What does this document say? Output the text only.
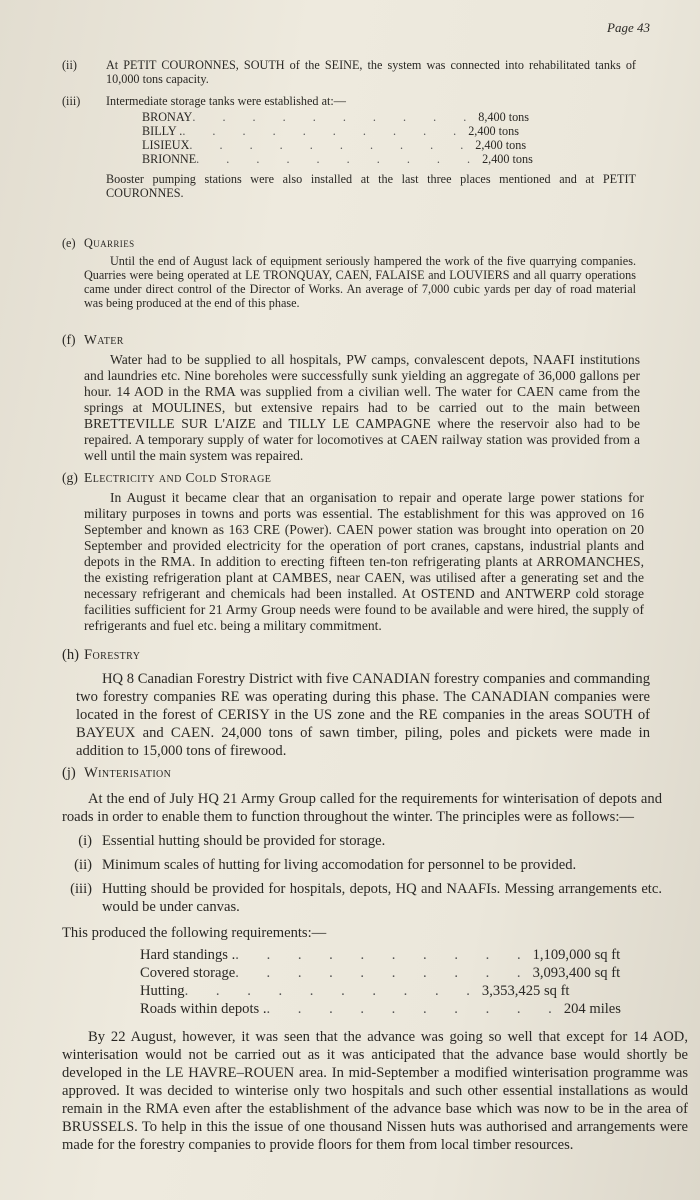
Page 43
(ii)	At PETIT COURONNES, SOUTH of the SEINE, the system was connected into rehabilitated tanks of 10,000 tons capacity.

(iii)	Intermediate storage tanks were established at:—
BRONAY . . . . . . . . . . 8,400 tons
BILLY . . . . . . . . . . . 2,400 tons
LISIEUX . . . . . . . . . . 2,400 tons
BRIONNE . . . . . . . . . . 2,400 tons

Booster pumping stations were also installed at the last three places mentioned and at PETIT COURONNES.

(e) Quarries

Until the end of August lack of equipment seriously hampered the work of the five quarrying companies. Quarries were being operated at LE TRONQUAY, CAEN, FALAISE and LOUVIERS and all quarry operations came under direct control of the Director of Works. An average of 7,000 cubic yards per day of road material was being produced at the end of this phase.

(f) Water

Water had to be supplied to all hospitals, PW camps, convalescent depots, NAAFI institutions and laundries etc. Nine boreholes were successfully sunk yielding an aggregate of 36,000 gallons per hour. 14 AOD in the RMA was supplied from a civilian well. The water for CAEN came from the springs at MOULINES, but extensive repairs had to be carried out to the main between BRETTEVILLE SUR L'AIZE and TILLY LE CAMPAGNE where the reservoir also had to be repaired. A temporary supply of water for locomotives at CAEN railway station was provided from a well until the main system was repaired.

(g) Electricity and Cold Storage

In August it became clear that an organisation to repair and operate large power stations for military purposes in towns and ports was essential. The establishment for this was approved on 16 September and known as 163 CRE (Power). CAEN power station was brought into operation on 20 September and provided electricity for the operation of port cranes, capstans, industrial plants and depots in the RMA. In addition to erecting fifteen ten-ton refrigerating plants at ARROMANCHES, the existing refrigeration plant at CAMBES, near CAEN, was utilised after a generating set and the necessary refrigerant and chemicals had been installed. At OSTEND and ANTWERP cold storage facilities sufficient for 21 Army Group needs were found to be available and were hired, the supply of refrigerants and fuel etc. being a military commitment.

(h) Forestry

HQ 8 Canadian Forestry District with five CANADIAN forestry companies and commanding two forestry companies RE was operating during this phase. The CANADIAN companies were located in the forest of CERISY in the US zone and the RE companies in the areas SOUTH of BAYEUX and CAEN. 24,000 tons of sawn timber, piling, poles and pickets were made in addition to 15,000 tons of firewood.

(j) Winterisation

At the end of July HQ 21 Army Group called for the requirements for winterisation of depots and roads in order to enable them to function throughout the winter. The principles were as follows:—

(i) Essential hutting should be provided for storage.

(ii) Minimum scales of hutting for living accomodation for personnel to be provided.

(iii) Hutting should be provided for hospitals, depots, HQ and NAAFIs. Messing arrangements etc. would be under canvas.

This produced the following requirements:—

Hard standings . . . . . . . . . . . 1,109,000 sq ft
Covered storage . . . . . . . . . . 3,093,400 sq ft
Hutting . . . . . . . . . . 3,353,425 sq ft
Roads within depots . . . . . . . . . . . 204 miles

By 22 August, however, it was seen that the advance was going so well that except for 14 AOD, winterisation would not be carried out as it was anticipated that the advance base would shortly be developed in the LE HAVRE–ROUEN area. In mid-September a modified winterisation programme was approved. It was decided to winterise only two hospitals and such other essential installations as would remain in the RMA even after the establishment of the advance base which was now to be in the area of BRUSSELS. To help in this the issue of one thousand Nissen huts was authorised and arrangements were made for the forestry companies to provide floors for them from local timber resources.
